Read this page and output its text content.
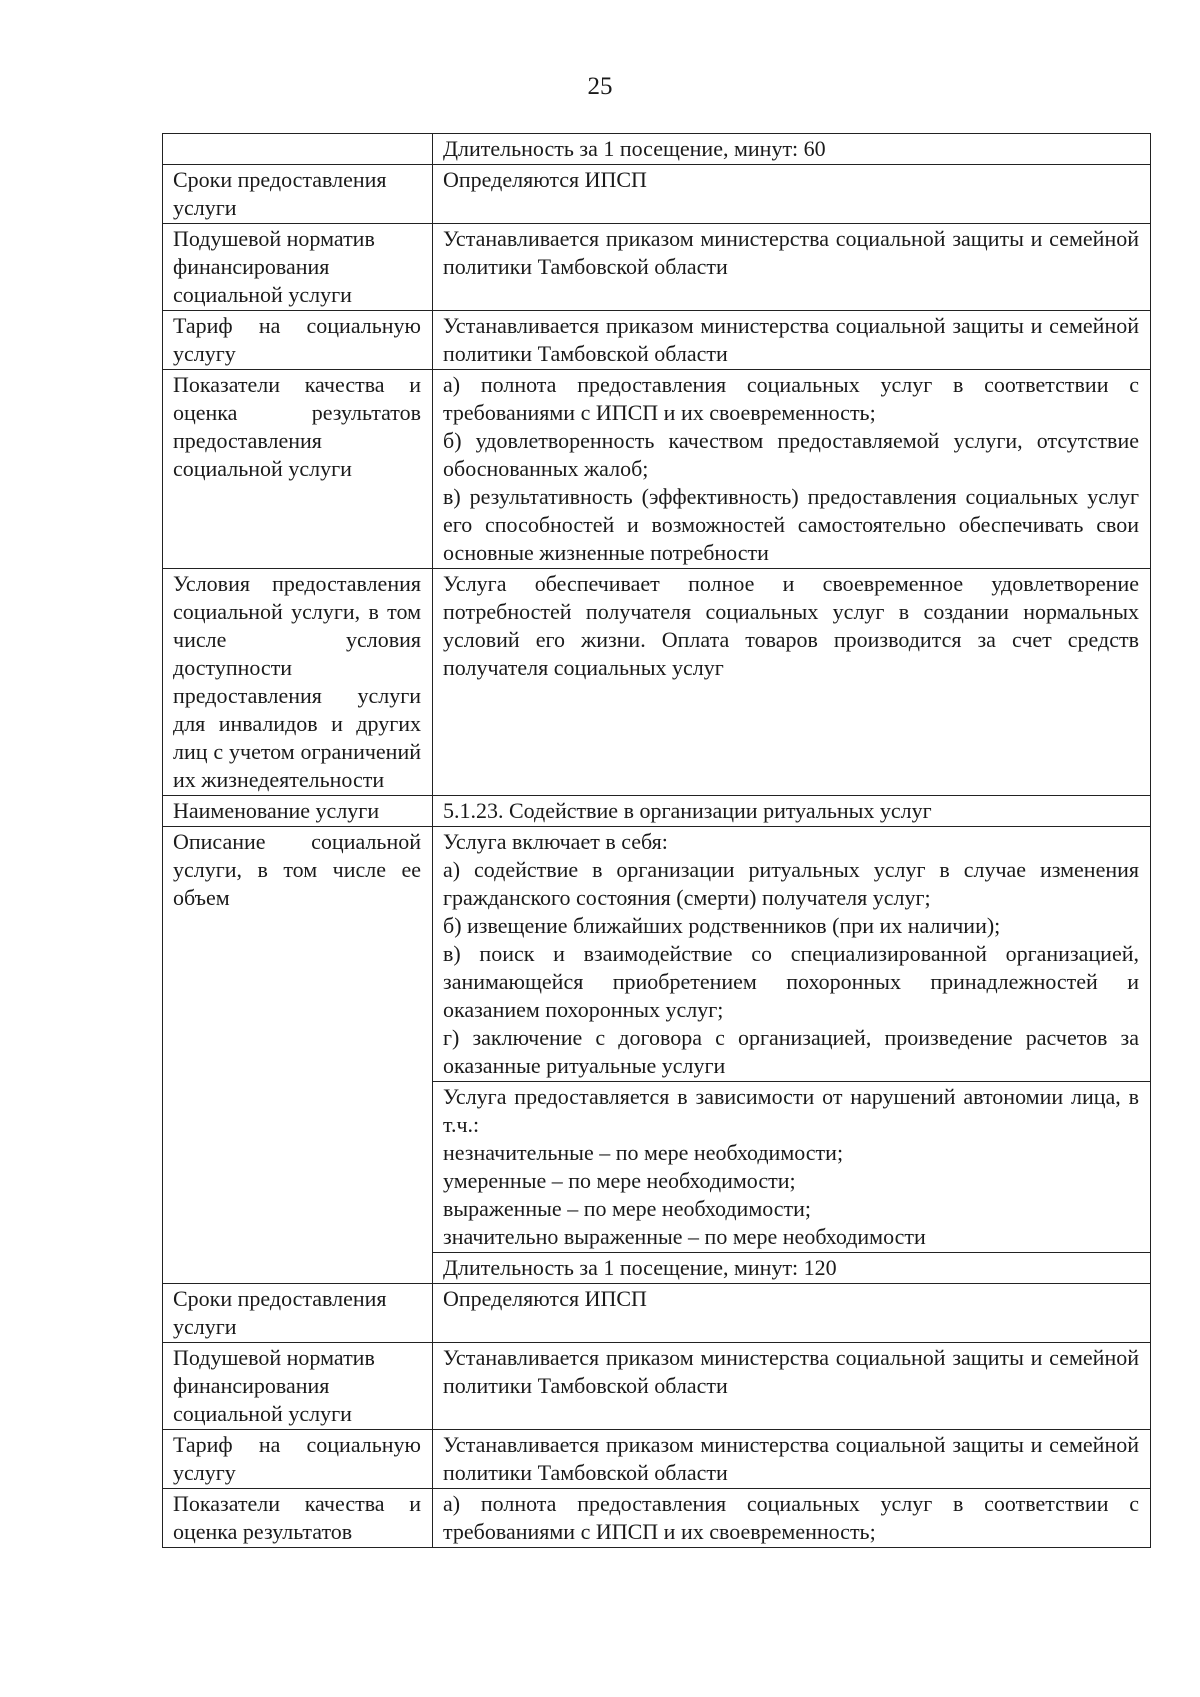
25

	Длительность за 1 посещение, минут: 60

Сроки предоставления услуги	Определяются ИПСП

Подушевой норматив финансирования социальной услуги	Устанавливается приказом министерства социальной защиты и семейной политики Тамбовской области

Тариф на социальную услугу	Устанавливается приказом министерства социальной защиты и семейной политики Тамбовской области

Показатели качества и оценка результатов предоставления социальной услуги	а) полнота предоставления социальных услуг в соответствии с требованиями с ИПСП и их своевременность;
б) удовлетворенность качеством предоставляемой услуги, отсутствие обоснованных жалоб;
в) результативность (эффективность) предоставления социальных услуг его способностей и возможностей самостоятельно обеспечивать свои основные жизненные потребности

Условия предоставления социальной услуги, в том числе условия доступности предоставления услуги для инвалидов и других лиц с учетом ограничений их жизнедеятельности	Услуга обеспечивает полное и своевременное удовлетворение потребностей получателя социальных услуг в создании нормальных условий его жизни. Оплата товаров производится за счет средств получателя социальных услуг

Наименование услуги	5.1.23. Содействие в организации ритуальных услуг

Описание социальной услуги, в том числе ее объем	Услуга включает в себя:
а) содействие в организации ритуальных услуг в случае изменения гражданского состояния (смерти) получателя услуг;
б) извещение ближайших родственников (при их наличии);
в) поиск и взаимодействие со специализированной организацией, занимающейся приобретением похоронных принадлежностей и оказанием похоронных услуг;
г) заключение с договора с организацией, произведение расчетов за оказанные ритуальные услуги

	Услуга предоставляется в зависимости от нарушений автономии лица, в т.ч.:
незначительные – по мере необходимости;
умеренные – по мере необходимости;
выраженные – по мере необходимости;
значительно выраженные – по мере необходимости

	Длительность за 1 посещение, минут: 120

Сроки предоставления услуги	Определяются ИПСП

Подушевой норматив финансирования социальной услуги	Устанавливается приказом министерства социальной защиты и семейной политики Тамбовской области

Тариф на социальную услугу	Устанавливается приказом министерства социальной защиты и семейной политики Тамбовской области

Показатели качества и оценка результатов	а) полнота предоставления социальных услуг в соответствии с требованиями с ИПСП и их своевременность;
